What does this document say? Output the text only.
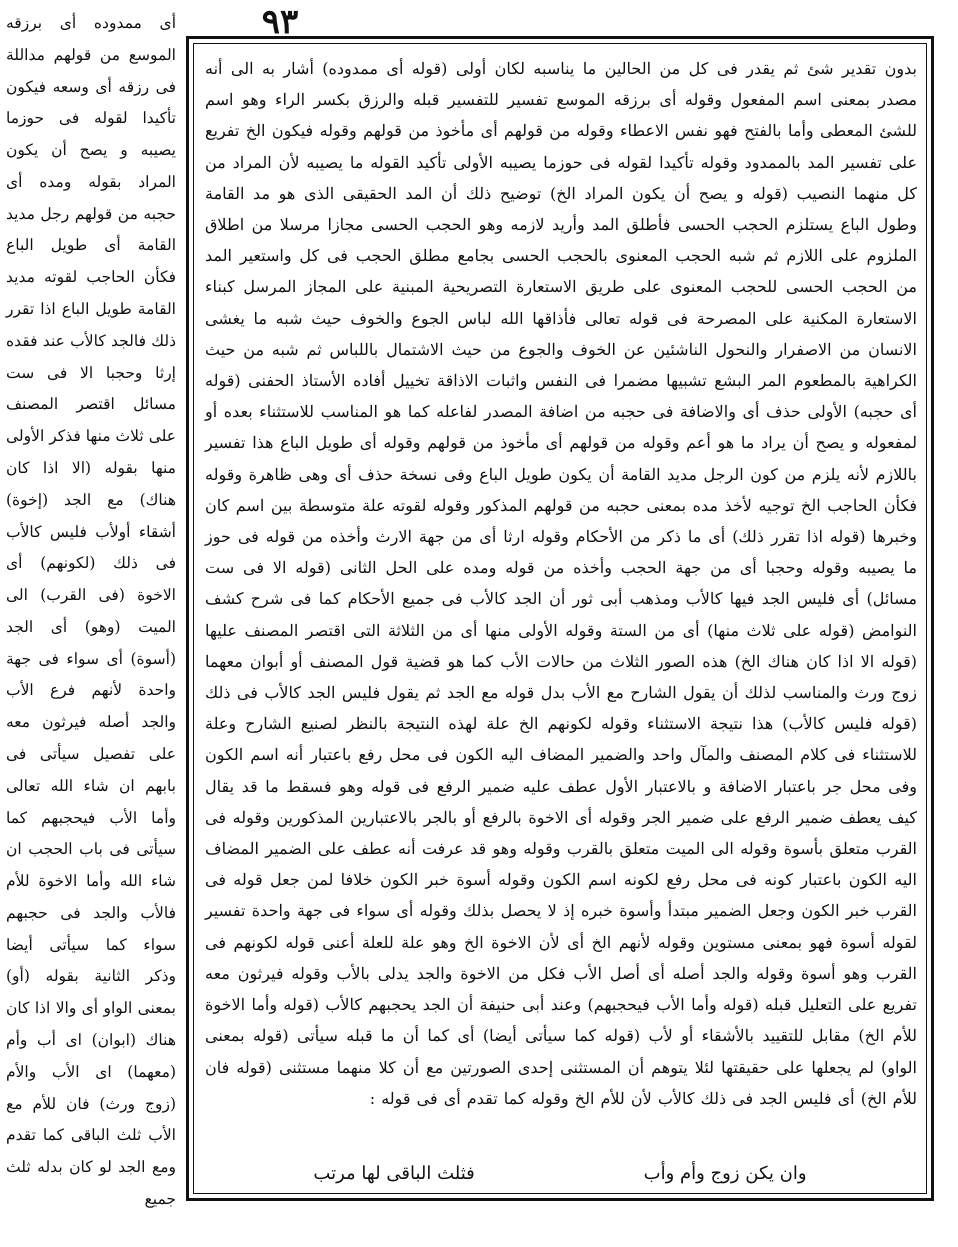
٩٣

أى ممدوده أى برزقه الموسع من قولهم مداللة فى رزقه أى وسعه فيكون تأكيدا لقوله فى حوزما يصيبه و يصح أن يكون المراد بقوله ومده أى حجبه من قولهم رجل مديد القامة أى طويل الباع فكأن الحاجب لقوته مديد القامة طويل الباع اذا تقرر ذلك فالجد كالأب عند فقده إرثا وحجبا الا فى ست مسائل اقتصر المصنف على ثلاث منها فذكر الأولى منها بقوله (الا اذا كان هناك) مع الجد (إخوة) أشقاء أولأب فليس كالأب فى ذلك (لكونهم) أى الاخوة (فى القرب) الى الميت (وهو) أى الجد (أسوة) أى سواء فى جهة واحدة لأنهم فرع الأب والجد أصله فيرثون معه على تفصيل سيأتى فى بابهم ان شاء الله تعالى وأما الأب فيحجبهم كما سيأتى فى باب الحجب ان شاء الله وأما الاخوة للأم فالأب والجد فى حجبهم سواء كما سيأتى أيضا وذكر الثانية بقوله (أو) بمعنى الواو أى والا اذا كان هناك (ابوان) اى أب وأم (معهما) اى الأب والأم (زوج ورث) فان للأم مع الأب ثلث الباقى كما تقدم ومع الجد لو كان بدله ثلث جميع

بدون تقدير شئ ثم يقدر فى كل من الحالين ما يناسبه لكان أولى (قوله أى ممدوده) أشار به الى أنه مصدر بمعنى اسم المفعول وقوله أى برزقه الموسع تفسير للتفسير قبله والرزق بكسر الراء وهو اسم للشئ المعطى وأما بالفتح فهو نفس الاعطاء وقوله من قولهم أى مأخوذ من قولهم وقوله فيكون الخ تفريع على تفسير المد بالممدود وقوله تأكيدا لقوله فى حوزما يصيبه الأولى تأكيد القوله ما يصيبه لأن المراد من كل منهما النصيب (قوله و يصح أن يكون المراد الخ) توضيح ذلك أن المد الحقيقى الذى هو مد القامة وطول الباع يستلزم الحجب الحسى فأطلق المد وأريد لازمه وهو الحجب الحسى مجازا مرسلا من اطلاق الملزوم على اللازم ثم شبه الحجب المعنوى بالحجب الحسى بجامع مطلق الحجب فى كل واستعير المد من الحجب الحسى للحجب المعنوى على طريق الاستعارة التصريحية المبنية على المجاز المرسل كبناء الاستعارة المكنية على المصرحة فى قوله تعالى فأذاقها الله لباس الجوع والخوف حيث شبه ما يغشى الانسان من الاصفرار والنحول الناشئين عن الخوف والجوع من حيث الاشتمال باللباس ثم شبه من حيث الكراهية بالمطعوم المر البشع تشبيها مضمرا فى النفس واثبات الاذاقة تخييل أفاده الأستاذ الحفنى (قوله أى حجبه) الأولى حذف أى والاضافة فى حجبه من اضافة المصدر لفاعله كما هو المناسب للاستثناء بعده أو لمفعوله و يصح أن يراد ما هو أعم وقوله من قولهم أى مأخوذ من قولهم وقوله أى طويل الباع هذا تفسير باللازم لأنه يلزم من كون الرجل مديد القامة أن يكون طويل الباع وفى نسخة حذف أى وهى ظاهرة وقوله فكأن الحاجب الخ توجيه لأخذ مده بمعنى حجبه من قولهم المذكور وقوله لقوته علة متوسطة بين اسم كان وخبرها (قوله اذا تقرر ذلك) أى ما ذكر من الأحكام وقوله ارثا أى من جهة الارث وأخذه من قوله فى حوز ما يصيبه وقوله وحجبا أى من جهة الحجب وأخذه من قوله ومده على الحل الثانى (قوله الا فى ست مسائل) أى فليس الجد فيها كالأب ومذهب أبى ثور أن الجد كالأب فى جميع الأحكام كما فى شرح كشف النوامض (قوله على ثلاث منها) أى من الستة وقوله الأولى منها أى من الثلاثة التى اقتصر المصنف عليها (قوله الا اذا كان هناك الخ) هذه الصور الثلاث من حالات الأب كما هو قضية قول المصنف أو أبوان معهما زوج ورث والمناسب لذلك أن يقول الشارح مع الأب بدل قوله مع الجد ثم يقول فليس الجد كالأب فى ذلك (قوله فليس كالأب) هذا نتيجة الاستثناء وقوله لكونهم الخ علة لهذه النتيجة بالنظر لصنيع الشارح وعلة للاستثناء فى كلام المصنف والمآل واحد والضمير المضاف اليه الكون فى محل رفع باعتبار أنه اسم الكون وفى محل جر باعتبار الاضافة و بالاعتبار الأول عطف عليه ضمير الرفع فى قوله وهو فسقط ما قد يقال كيف يعطف ضمير الرفع على ضمير الجر وقوله أى الاخوة بالرفع أو بالجر بالاعتبارين المذكورين وقوله فى القرب متعلق بأسوة وقوله الى الميت متعلق بالقرب وقوله وهو قد عرفت أنه عطف على الضمير المضاف اليه الكون باعتبار كونه فى محل رفع لكونه اسم الكون وقوله أسوة خبر الكون خلافا لمن جعل قوله فى القرب خبر الكون وجعل الضمير مبتدأ وأسوة خبره إذ لا يحصل بذلك وقوله أى سواء فى جهة واحدة تفسير لقوله أسوة فهو بمعنى مستوين وقوله لأنهم الخ أى لأن الاخوة الخ وهو علة للعلة أعنى قوله لكونهم فى القرب وهو أسوة وقوله والجد أصله أى أصل الأب فكل من الاخوة والجد يدلى بالأب وقوله فيرثون معه تفريع على التعليل قبله (قوله وأما الأب فيحجبهم) وعند أبى حنيفة أن الجد يحجبهم كالأب (قوله وأما الاخوة للأم الخ) مقابل للتقييد بالأشقاء أو لأب (قوله كما سيأتى أيضا) أى كما أن ما قبله سيأتى (قوله بمعنى الواو) لم يجعلها على حقيقتها لئلا يتوهم أن المستثنى إحدى الصورتين مع أن كلا منهما مستثنى (قوله فان للأم الخ) أى فليس الجد فى ذلك كالأب لأن للأم الخ وقوله كما تقدم أى فى قوله :

وان يكن زوج وأم وأب
فثلث الباقى لها مرتب
